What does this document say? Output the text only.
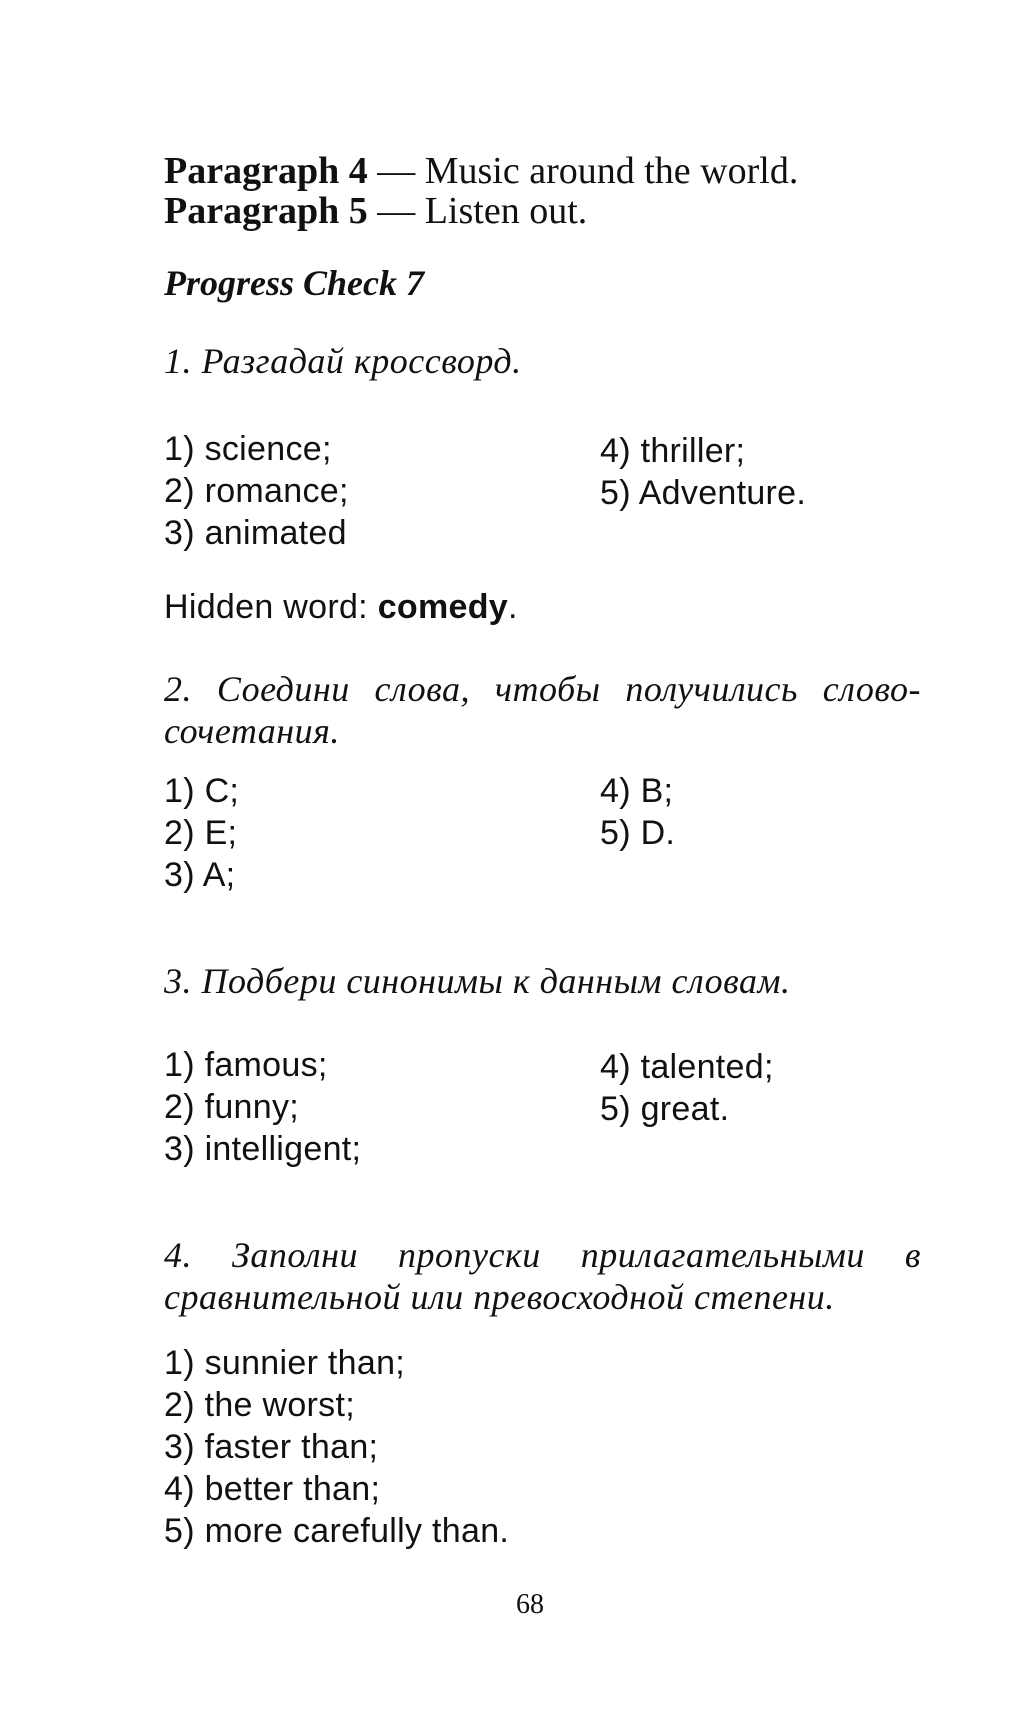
Paragraph 4 — Music around the world.
Paragraph 5 — Listen out.
Progress Check 7
1. Разгадай кроссворд.
1) science;
2) romance;
3) animated
4) thriller;
5) Adventure.
Hidden word: comedy.
2. Соедини слова, чтобы получились слово-
сочетания.
1) C;
2) E;
3) A;
4) B;
5) D.
3. Подбери синонимы к данным словам.
1) famous;
2) funny;
3) intelligent;
4) talented;
5) great.
4. Заполни пропуски прилагательными в
сравнительной или превосходной степени.
1) sunnier than;
2) the worst;
3) faster than;
4) better than;
5) more carefully than.
68
